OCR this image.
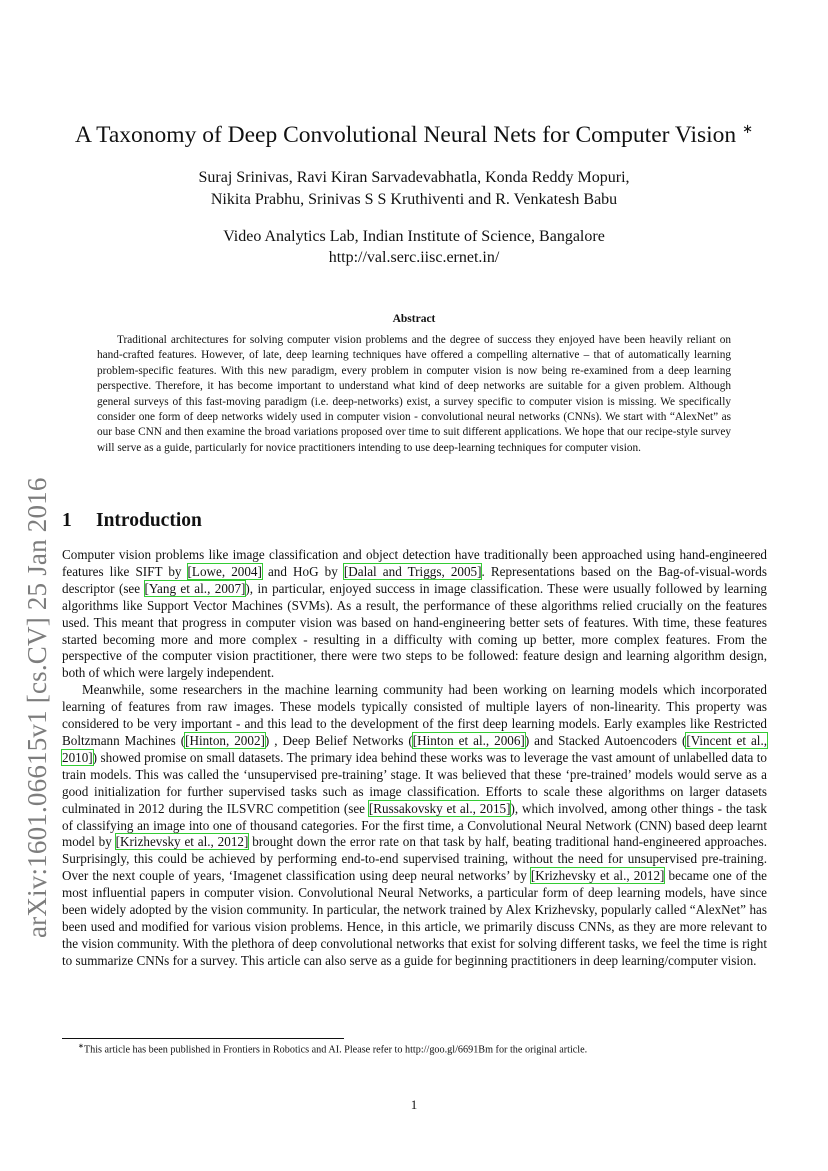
arXiv:1601.06615v1 [cs.CV] 25 Jan 2016
A Taxonomy of Deep Convolutional Neural Nets for Computer Vision ∗
Suraj Srinivas, Ravi Kiran Sarvadevabhatla, Konda Reddy Mopuri,
Nikita Prabhu, Srinivas S S Kruthiventi and R. Venkatesh Babu
Video Analytics Lab, Indian Institute of Science, Bangalore
http://val.serc.iisc.ernet.in/
Abstract

Traditional architectures for solving computer vision problems and the degree of success they enjoyed have been heavily reliant on hand-crafted features. However, of late, deep learning techniques have offered a compelling alternative – that of automatically learning problem-specific features. With this new paradigm, every problem in computer vision is now being re-examined from a deep learning perspective. Therefore, it has become important to understand what kind of deep networks are suitable for a given problem. Although general surveys of this fast-moving paradigm (i.e. deep-networks) exist, a survey specific to computer vision is missing. We specifically consider one form of deep networks widely used in computer vision - convolutional neural networks (CNNs). We start with “AlexNet” as our base CNN and then examine the broad variations proposed over time to suit different applications. We hope that our recipe-style survey will serve as a guide, particularly for novice practitioners intending to use deep-learning techniques for computer vision.

1 Introduction

Computer vision problems like image classification and object detection have traditionally been approached using hand-engineered features like SIFT by [Lowe, 2004] and HoG by [Dalal and Triggs, 2005]. Representations based on the Bag-of-visual-words descriptor (see [Yang et al., 2007]), in particular, enjoyed success in image classification. These were usually followed by learning algorithms like Support Vector Machines (SVMs). As a result, the performance of these algorithms relied crucially on the features used. This meant that progress in computer vision was based on hand-engineering better sets of features. With time, these features started becoming more and more complex - resulting in a difficulty with coming up better, more complex features. From the perspective of the computer vision practitioner, there were two steps to be followed: feature design and learning algorithm design, both of which were largely independent.

Meanwhile, some researchers in the machine learning community had been working on learning models which incorporated learning of features from raw images. These models typically consisted of multiple layers of non-linearity. This property was considered to be very important - and this lead to the development of the first deep learning models. Early examples like Restricted Boltzmann Machines ([Hinton, 2002]) , Deep Belief Networks ([Hinton et al., 2006]) and Stacked Autoencoders ([Vincent et al., 2010]) showed promise on small datasets. The primary idea behind these works was to leverage the vast amount of unlabelled data to train models. This was called the ‘unsupervised pre-training’ stage. It was believed that these ‘pre-trained’ models would serve as a good initialization for further supervised tasks such as image classification. Efforts to scale these algorithms on larger datasets culminated in 2012 during the ILSVRC competition (see [Russakovsky et al., 2015]), which involved, among other things - the task of classifying an image into one of thousand categories. For the first time, a Convolutional Neural Network (CNN) based deep learnt model by [Krizhevsky et al., 2012] brought down the error rate on that task by half, beating traditional hand-engineered approaches. Surprisingly, this could be achieved by performing end-to-end supervised training, without the need for unsupervised pre-training. Over the next couple of years, ‘Imagenet classification using deep neural networks’ by [Krizhevsky et al., 2012] became one of the most influential papers in computer vision. Convolutional Neural Networks, a particular form of deep learning models, have since been widely adopted by the vision community. In particular, the network trained by Alex Krizhevsky, popularly called “AlexNet” has been used and modified for various vision problems. Hence, in this article, we primarily discuss CNNs, as they are more relevant to the vision community. With the plethora of deep convolutional networks that exist for solving different tasks, we feel the time is right to summarize CNNs for a survey. This article can also serve as a guide for beginning practitioners in deep learning/computer vision.

∗This article has been published in Frontiers in Robotics and AI. Please refer to http://goo.gl/6691Bm for the original article.
1
